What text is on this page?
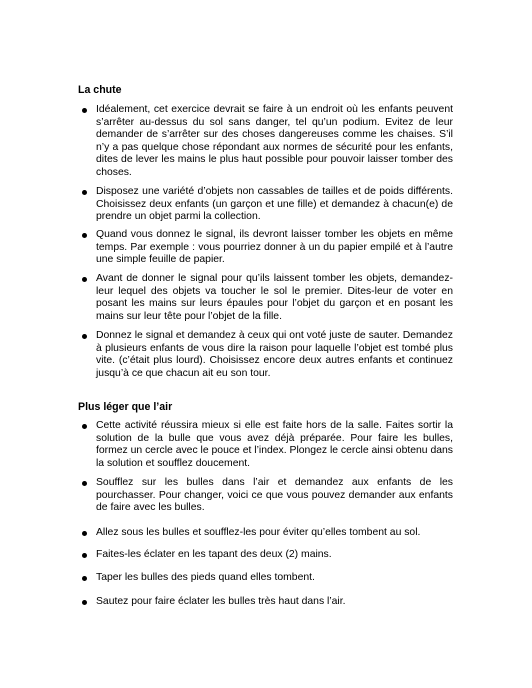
La chute

Idéalement, cet exercice devrait se faire à un endroit où les enfants peuvent s’arrêter au-dessus du sol sans danger, tel qu’un podium. Evitez de leur demander de s’arrêter sur des choses dangereuses comme les chaises. S’il n’y a pas quelque chose répondant aux normes de sécurité pour les enfants, dites de lever les mains le plus haut possible pour pouvoir laisser tomber des choses.

Disposez une variété d’objets non cassables de tailles et de poids différents. Choisissez deux enfants (un garçon et une fille) et demandez à chacun(e) de prendre un objet parmi la collection.

Quand vous donnez le signal, ils devront laisser tomber les objets en même temps. Par exemple : vous pourriez donner à un du papier empilé et à l’autre une simple feuille de papier.

Avant de donner le signal pour qu’ils laissent tomber les objets, demandez-leur lequel des objets va toucher le sol le premier. Dites-leur de voter en posant les mains sur leurs épaules pour l’objet du garçon et en posant les mains sur leur tête pour l’objet de la fille.

Donnez le signal et demandez à ceux qui ont voté juste de sauter. Demandez à plusieurs enfants de vous dire la raison pour laquelle l’objet est tombé plus vite. (c’était plus lourd). Choisissez encore deux autres enfants et continuez jusqu’à ce que chacun ait eu son tour.

Plus léger que l’air

Cette activité réussira mieux si elle est faite hors de la salle. Faites sortir la solution de la bulle que vous avez déjà préparée. Pour faire les bulles, formez un cercle avec le pouce et l’index. Plongez le cercle ainsi obtenu dans la solution et soufflez doucement.

Soufflez sur les bulles dans l’air et demandez aux enfants de les pourchasser. Pour changer, voici ce que vous pouvez demander aux enfants de faire avec les bulles.

Allez sous les bulles et soufflez-les pour éviter qu’elles tombent au sol.

Faites-les éclater en les tapant des deux (2) mains.

Taper les bulles des pieds quand elles tombent.

Sautez pour faire éclater les bulles très haut dans l’air.
